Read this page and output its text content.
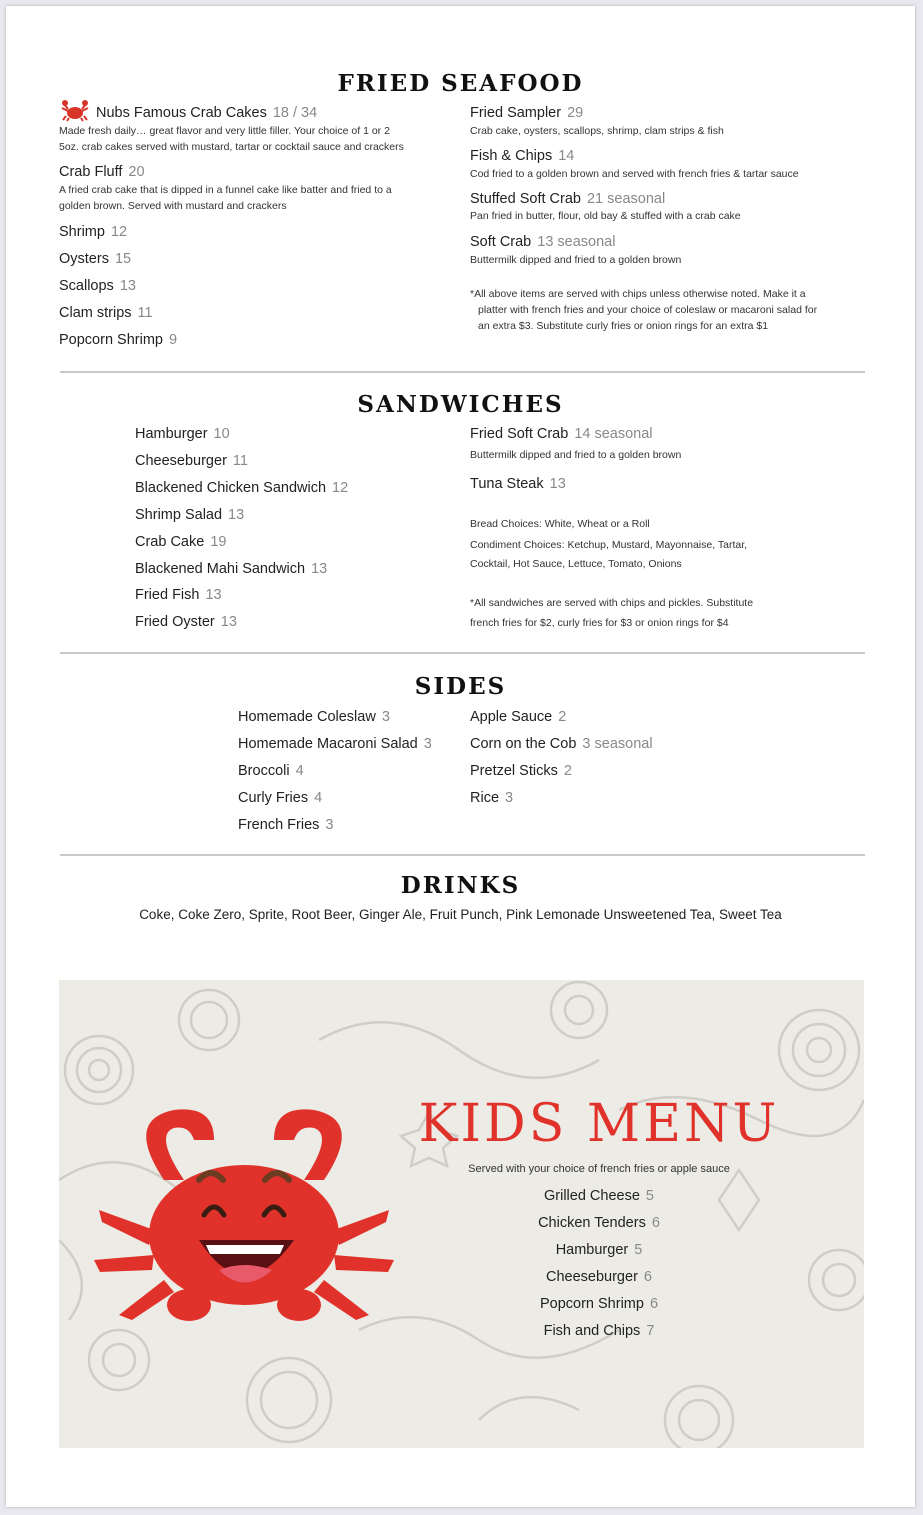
FRIED SEAFOOD
Nubs Famous Crab Cakes 18 / 34
Made fresh daily… great flavor and very little filler. Your choice of 1 or 2
5oz. crab cakes served with mustard, tartar or cocktail sauce and crackers
Crab Fluff 20
A fried crab cake that is dipped in a funnel cake like batter and fried to a
golden brown. Served with mustard and crackers
Shrimp 12
Oysters 15
Scallops 13
Clam strips 11
Popcorn Shrimp 9
Fried Sampler 29
Crab cake, oysters, scallops, shrimp, clam strips & fish
Fish & Chips 14
Cod fried to a golden brown and served with french fries & tartar sauce
Stuffed Soft Crab 21 seasonal
Pan fried in butter, flour, old bay & stuffed with a crab cake
Soft Crab 13 seasonal
Buttermilk dipped and fried to a golden brown
*All above items are served with chips unless otherwise noted. Make it a
platter with french fries and your choice of coleslaw or macaroni salad for
an extra $3. Substitute curly fries or onion rings for an extra $1
SANDWICHES
Hamburger 10
Cheeseburger 11
Blackened Chicken Sandwich 12
Shrimp Salad 13
Crab Cake 19
Blackened Mahi Sandwich 13
Fried Fish 13
Fried Oyster 13
Fried Soft Crab 14 seasonal
Buttermilk dipped and fried to a golden brown
Tuna Steak 13
Bread Choices: White, Wheat or a Roll
Condiment Choices: Ketchup, Mustard, Mayonnaise, Tartar,
Cocktail, Hot Sauce, Lettuce, Tomato, Onions
*All sandwiches are served with chips and pickles. Substitute
french fries for $2, curly fries for $3 or onion rings for $4
SIDES
Homemade Coleslaw 3
Homemade Macaroni Salad 3
Broccoli 4
Curly Fries 4
French Fries 3
Apple Sauce 2
Corn on the Cob 3 seasonal
Pretzel Sticks 2
Rice 3
DRINKS
Coke, Coke Zero, Sprite, Root Beer, Ginger Ale, Fruit Punch, Pink Lemonade Unsweetened Tea, Sweet Tea
KIDS MENU
Served with your choice of french fries or apple sauce
Grilled Cheese 5
Chicken Tenders 6
Hamburger 5
Cheeseburger 6
Popcorn Shrimp 6
Fish and Chips 7
